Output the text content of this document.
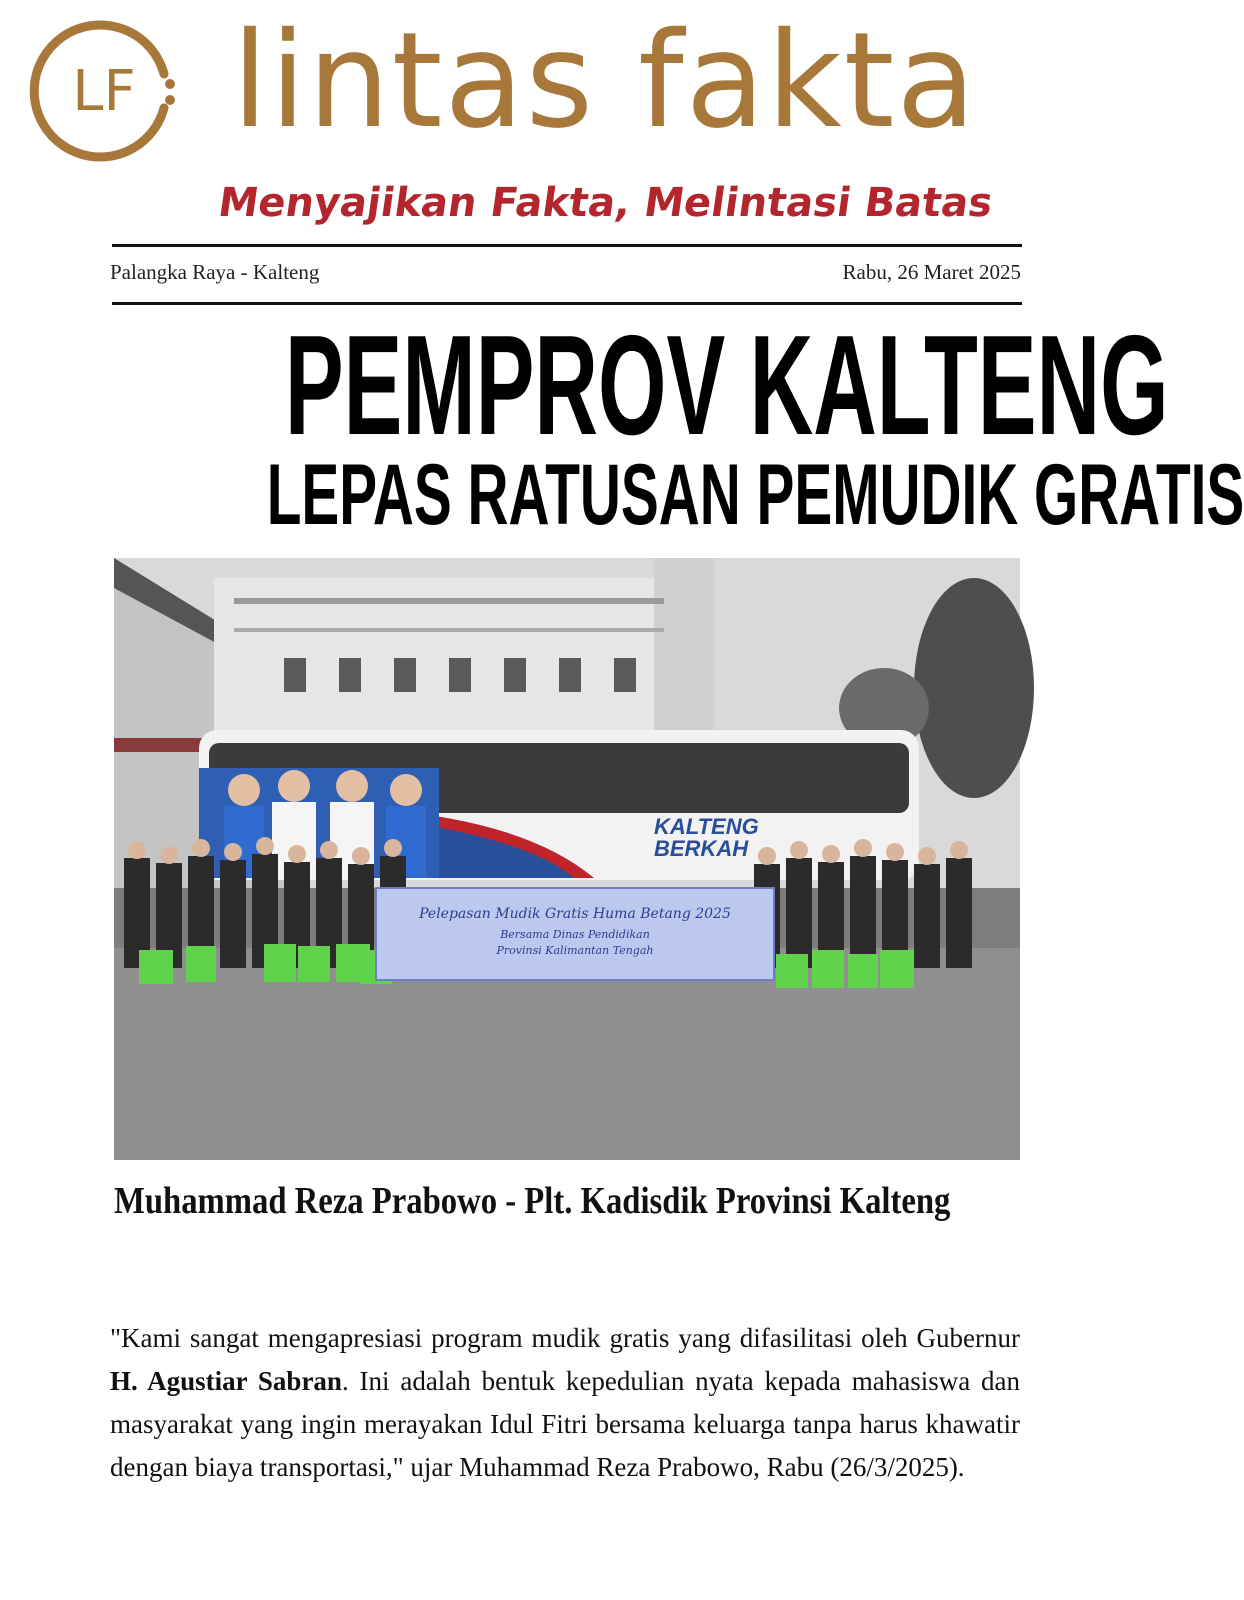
LF lintas fakta
Menyajikan Fakta, Melintasi Batas
Palangka Raya - Kalteng	Rabu, 26 Maret 2025
PEMPROV KALTENG
LEPAS RATUSAN PEMUDIK GRATIS
KALTENG
BERKAH
Pelepasan Mudik Gratis Huma Betang 2025
Bersama Dinas Pendidikan
Provinsi Kalimantan Tengah
Muhammad Reza Prabowo - Plt. Kadisdik Provinsi Kalteng

"Kami sangat mengapresiasi program mudik gratis yang difasilitasi oleh Gubernur H. Agustiar Sabran. Ini adalah bentuk kepedulian nyata kepada mahasiswa dan masyarakat yang ingin merayakan Idul Fitri bersama keluarga tanpa harus khawatir dengan biaya transportasi," ujar Muhammad Reza Prabowo, Rabu (26/3/2025).
